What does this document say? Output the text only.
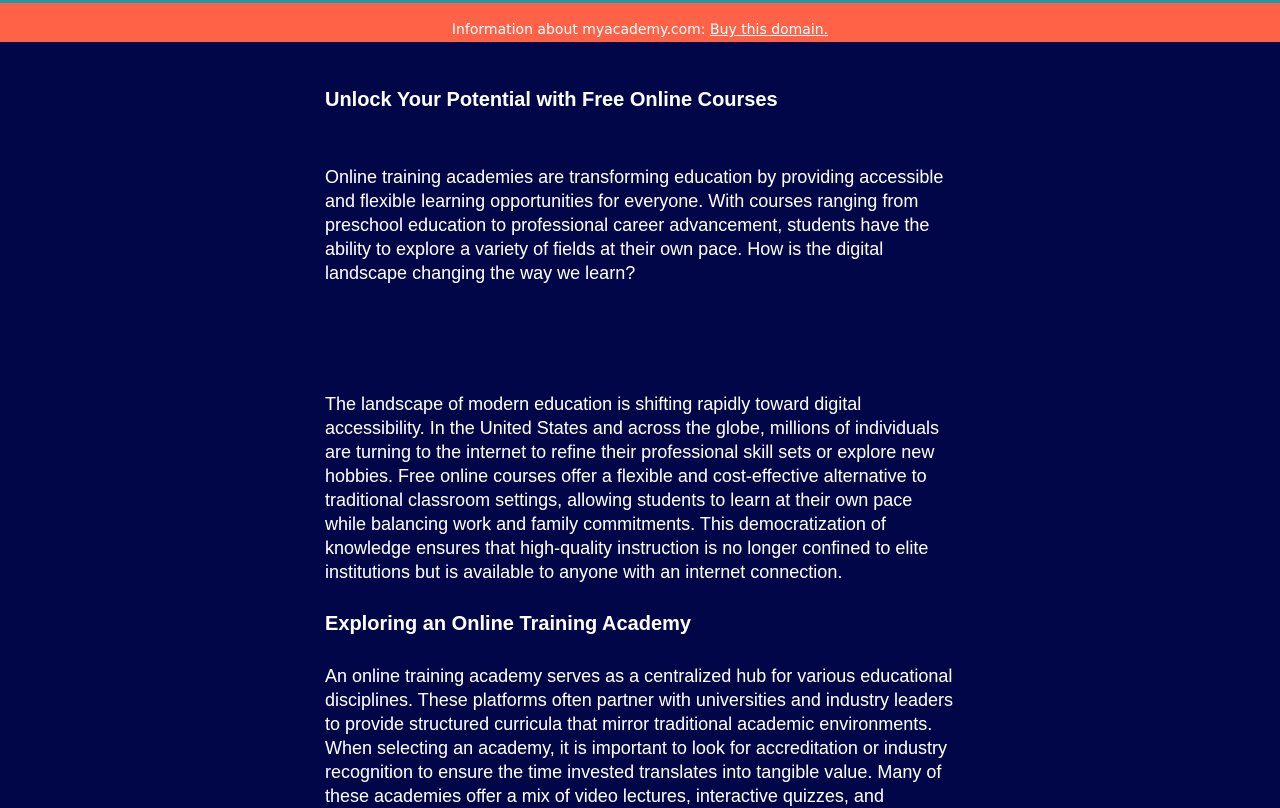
Information about myacademy.com: Buy this domain.
Unlock Your Potential with Free Online Courses

Online training academies are transforming education by providing accessible and flexible learning opportunities for everyone. With courses ranging from preschool education to professional career advancement, students have the ability to explore a variety of fields at their own pace. How is the digital landscape changing the way we learn?

The landscape of modern education is shifting rapidly toward digital accessibility. In the United States and across the globe, millions of individuals are turning to the internet to refine their professional skill sets or explore new hobbies. Free online courses offer a flexible and cost-effective alternative to traditional classroom settings, allowing students to learn at their own pace while balancing work and family commitments. This democratization of knowledge ensures that high-quality instruction is no longer confined to elite institutions but is available to anyone with an internet connection.

Exploring an Online Training Academy

An online training academy serves as a centralized hub for various educational disciplines. These platforms often partner with universities and industry leaders to provide structured curricula that mirror traditional academic environments. When selecting an academy, it is important to look for accreditation or industry recognition to ensure the time invested translates into tangible value. Many of these academies offer a mix of video lectures, interactive quizzes, and
